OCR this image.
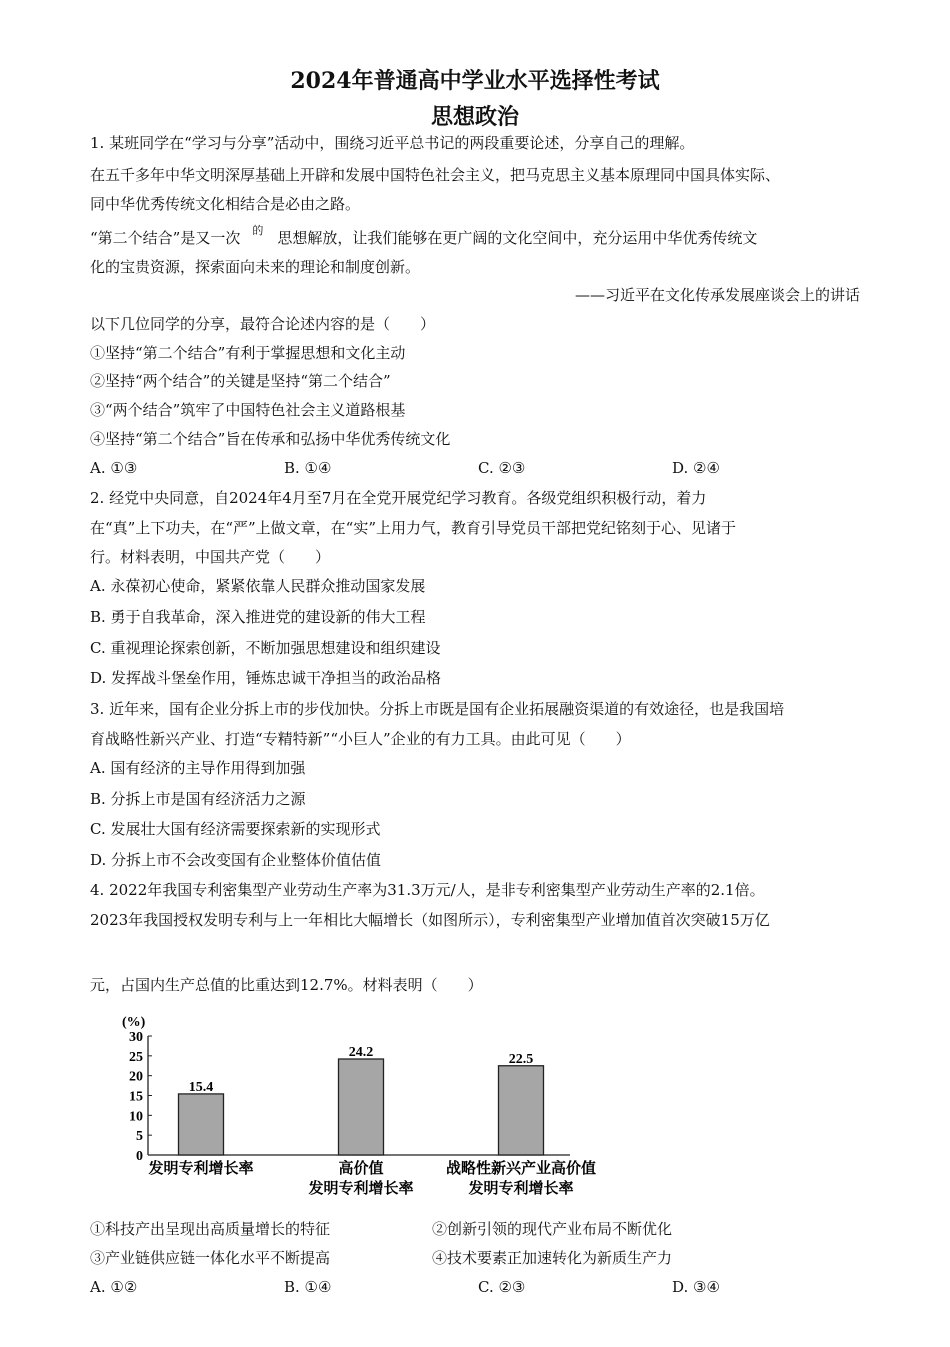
2024年普通高中学业水平选择性考试
思想政治
1. 某班同学在“学习与分享”活动中，围绕习近平总书记的两段重要论述，分享自己的理解。
在五千多年中华文明深厚基础上开辟和发展中国特色社会主义，把马克思主义基本原理同中国具体实际、
同中华优秀传统文化相结合是必由之路。
“第二个结合”是又一次 $^的$ 思想解放，让我们能够在更广阔的文化空间中，充分运用中华优秀传统文
化的宝贵资源，探索面向未来的理论和制度创新。
——习近平在文化传承发展座谈会上的讲话
以下几位同学的分享，最符合论述内容的是（　　）
①坚持“第二个结合”有利于掌握思想和文化主动
②坚持“两个结合”的关键是坚持“第二个结合”
③“两个结合”筑牢了中国特色社会主义道路根基
④坚持“第二个结合”旨在传承和弘扬中华优秀传统文化
A. ①③	B. ①④	C. ②③	D. ②④
2. 经党中央同意，自2024年4月至7月在全党开展党纪学习教育。各级党组织积极行动，着力
在“真”上下功夫，在“严”上做文章，在“实”上用力气，教育引导党员干部把党纪铭刻于心、见诸于
行。材料表明，中国共产党（　　）
A. 永葆初心使命，紧紧依靠人民群众推动国家发展
B. 勇于自我革命，深入推进党的建设新的伟大工程
C. 重视理论探索创新，不断加强思想建设和组织建设
D. 发挥战斗堡垒作用，锤炼忠诚干净担当的政治品格
3. 近年来，国有企业分拆上市的步伐加快。分拆上市既是国有企业拓展融资渠道的有效途径，也是我国培
育战略性新兴产业、打造“专精特新”“小巨人”企业的有力工具。由此可见（　　）
A. 国有经济的主导作用得到加强
B. 分拆上市是国有经济活力之源
C. 发展壮大国有经济需要探索新的实现形式
D. 分拆上市不会改变国有企业整体价值估值
4. 2022年我国专利密集型产业劳动生产率为31.3万元/人，是非专利密集型产业劳动生产率的2.1倍。
2023年我国授权发明专利与上一年相比大幅增长（如图所示），专利密集型产业增加值首次突破15万亿
元，占国内生产总值的比重达到12.7%。材料表明（　　）
(%)
0
5
10
15
20
25
30
15.4
发明专利增长率
24.2
高价值
发明专利增长率
22.5
战略性新兴产业高价值
发明专利增长率
①科技产出呈现出高质量增长的特征	②创新引领的现代产业布局不断优化
③产业链供应链一体化水平不断提高	④技术要素正加速转化为新质生产力
A. ①②	B. ①④	C. ②③	D. ③④
